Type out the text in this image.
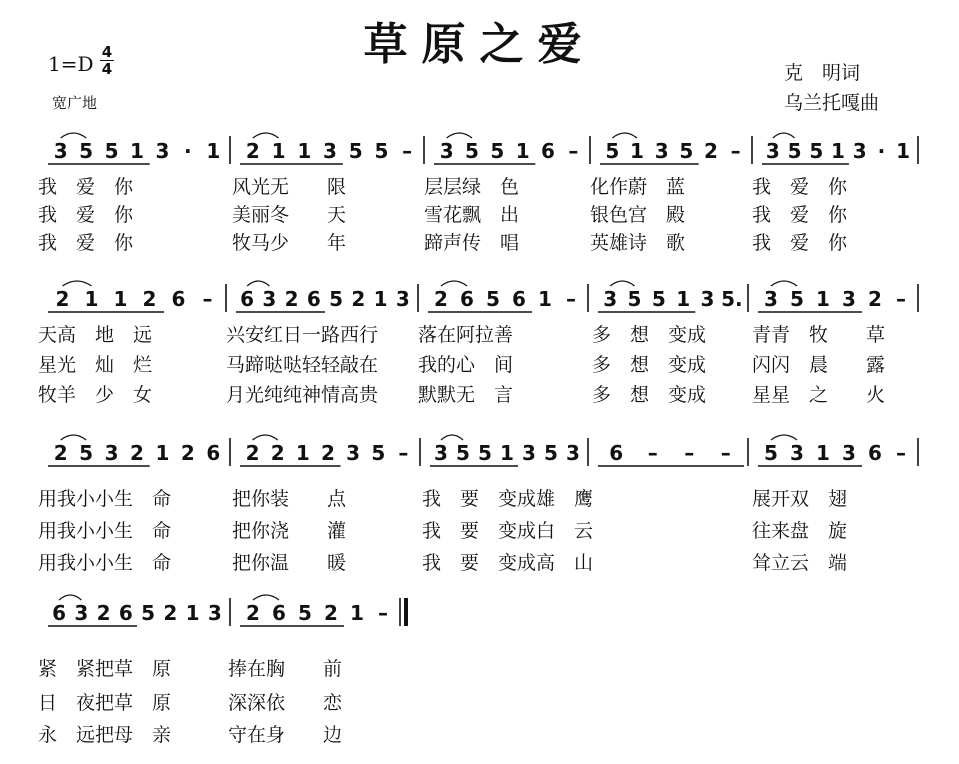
草原之爱
1=D 4
4
宽广地
克　明词
乌兰托嘎曲
3 5 5 1 3 · 1 2 1 1 3 5 5 – 3 5 5 1 6 – 5 1 3 5 2 – 3 5 5 1 3 · 1
2 1 1 2 6 – 6 3 2 6 5 2 1 3 2 6 5 6 1 – 3 5 5 1 3 5. 3 5 1 3 2 –
2 5 3 2 1 2 6 2 2 1 2 3 5 – 3 5 5 1 3 5 3 6 – – – 5 3 1 3 6 –
6 3 2 6 5 2 1 3 2 6 5 2 1 –
我　爱　你	风光无　　限	层层绿　色	化作蔚　蓝	我　爱　你
我　爱　你	美丽冬　　天	雪花飘　出	银色宫　殿	我　爱　你
我　爱　你	牧马少　　年	蹄声传　唱	英雄诗　歌	我　爱　你
天高　地　远	兴安红日一路西行 落在阿拉善	多　想　变成 青青　牧　　草
星光　灿　烂	马蹄哒哒轻轻敲在 我的心　间	多　想　变成 闪闪　晨　　露
牧羊　少　女	月光纯纯神情高贵 默默无　言	多　想　变成 星星　之　　火
用我小小生　命	把你装　　点	我　要　变成雄　鹰	展开双　翅
用我小小生　命	把你浇　　灌	我　要　变成白　云	往来盘　旋
用我小小生　命	把你温　　暖	我　要　变成高　山	耸立云　端
紧　紧把草　原	捧在胸　　前
日　夜把草　原	深深依　　恋
永　远把母　亲	守在身　　边
